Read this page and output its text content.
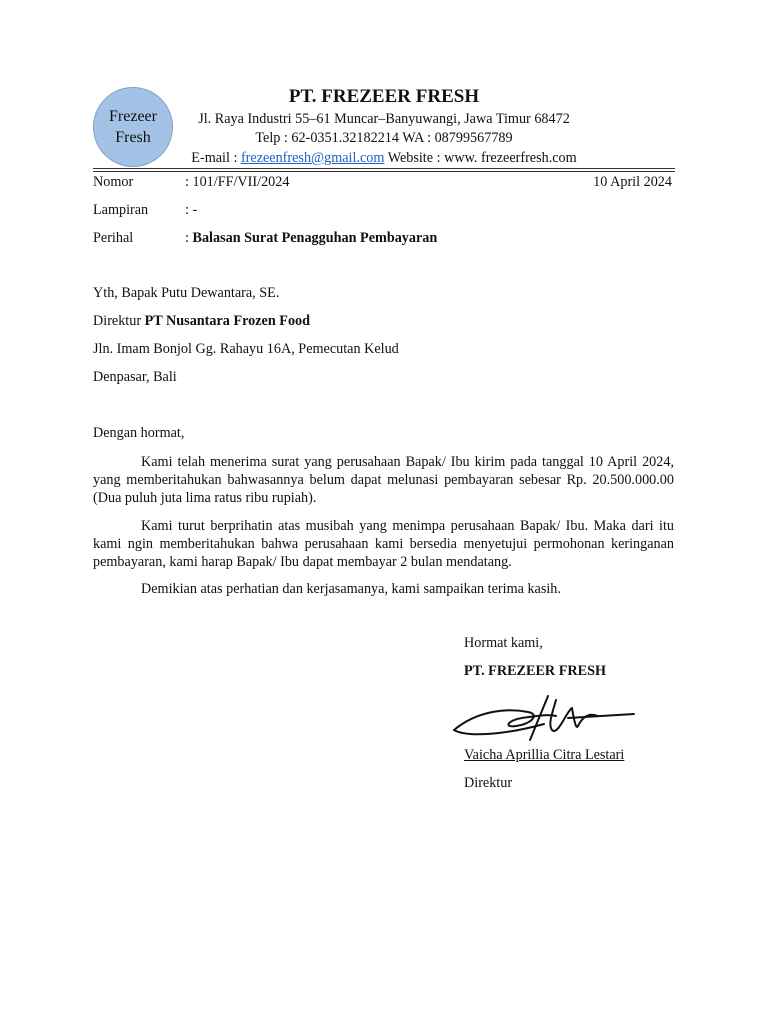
Frezeer
Fresh
PT. FREZEER FRESH
Jl. Raya Industri 55–61 Muncar–Banyuwangi, Jawa Timur 68472
Telp : 62-0351.32182214 WA : 08799567789
E-mail : frezeenfresh@gmail.com Website : www. frezeerfresh.com
Nomor	: 101/FF/VII/2024	10 April 2024
Lampiran	: -
Perihal	: Balasan Surat Penagguhan Pembayaran
Yth, Bapak Putu Dewantara, SE.
Direktur PT Nusantara Frozen Food
Jln. Imam Bonjol Gg. Rahayu 16A, Pemecutan Kelud
Denpasar, Bali
Dengan hormat,

Kami telah menerima surat yang perusahaan Bapak/ Ibu kirim pada tanggal 10 April 2024, yang memberitahukan bahwasannya belum dapat melunasi pembayaran sebesar Rp. 20.500.000.00 (Dua puluh juta lima ratus ribu rupiah).

Kami turut berprihatin atas musibah yang menimpa perusahaan Bapak/ Ibu. Maka dari itu kami ngin memberitahukan bahwa perusahaan kami bersedia menyetujui permohonan keringanan pembayaran, kami harap Bapak/ Ibu dapat membayar 2 bulan mendatang.

Demikian atas perhatian dan kerjasamanya, kami sampaikan terima kasih.

Hormat kami,
PT. FREZEER FRESH
Vaicha Aprillia Citra Lestari
Direktur
